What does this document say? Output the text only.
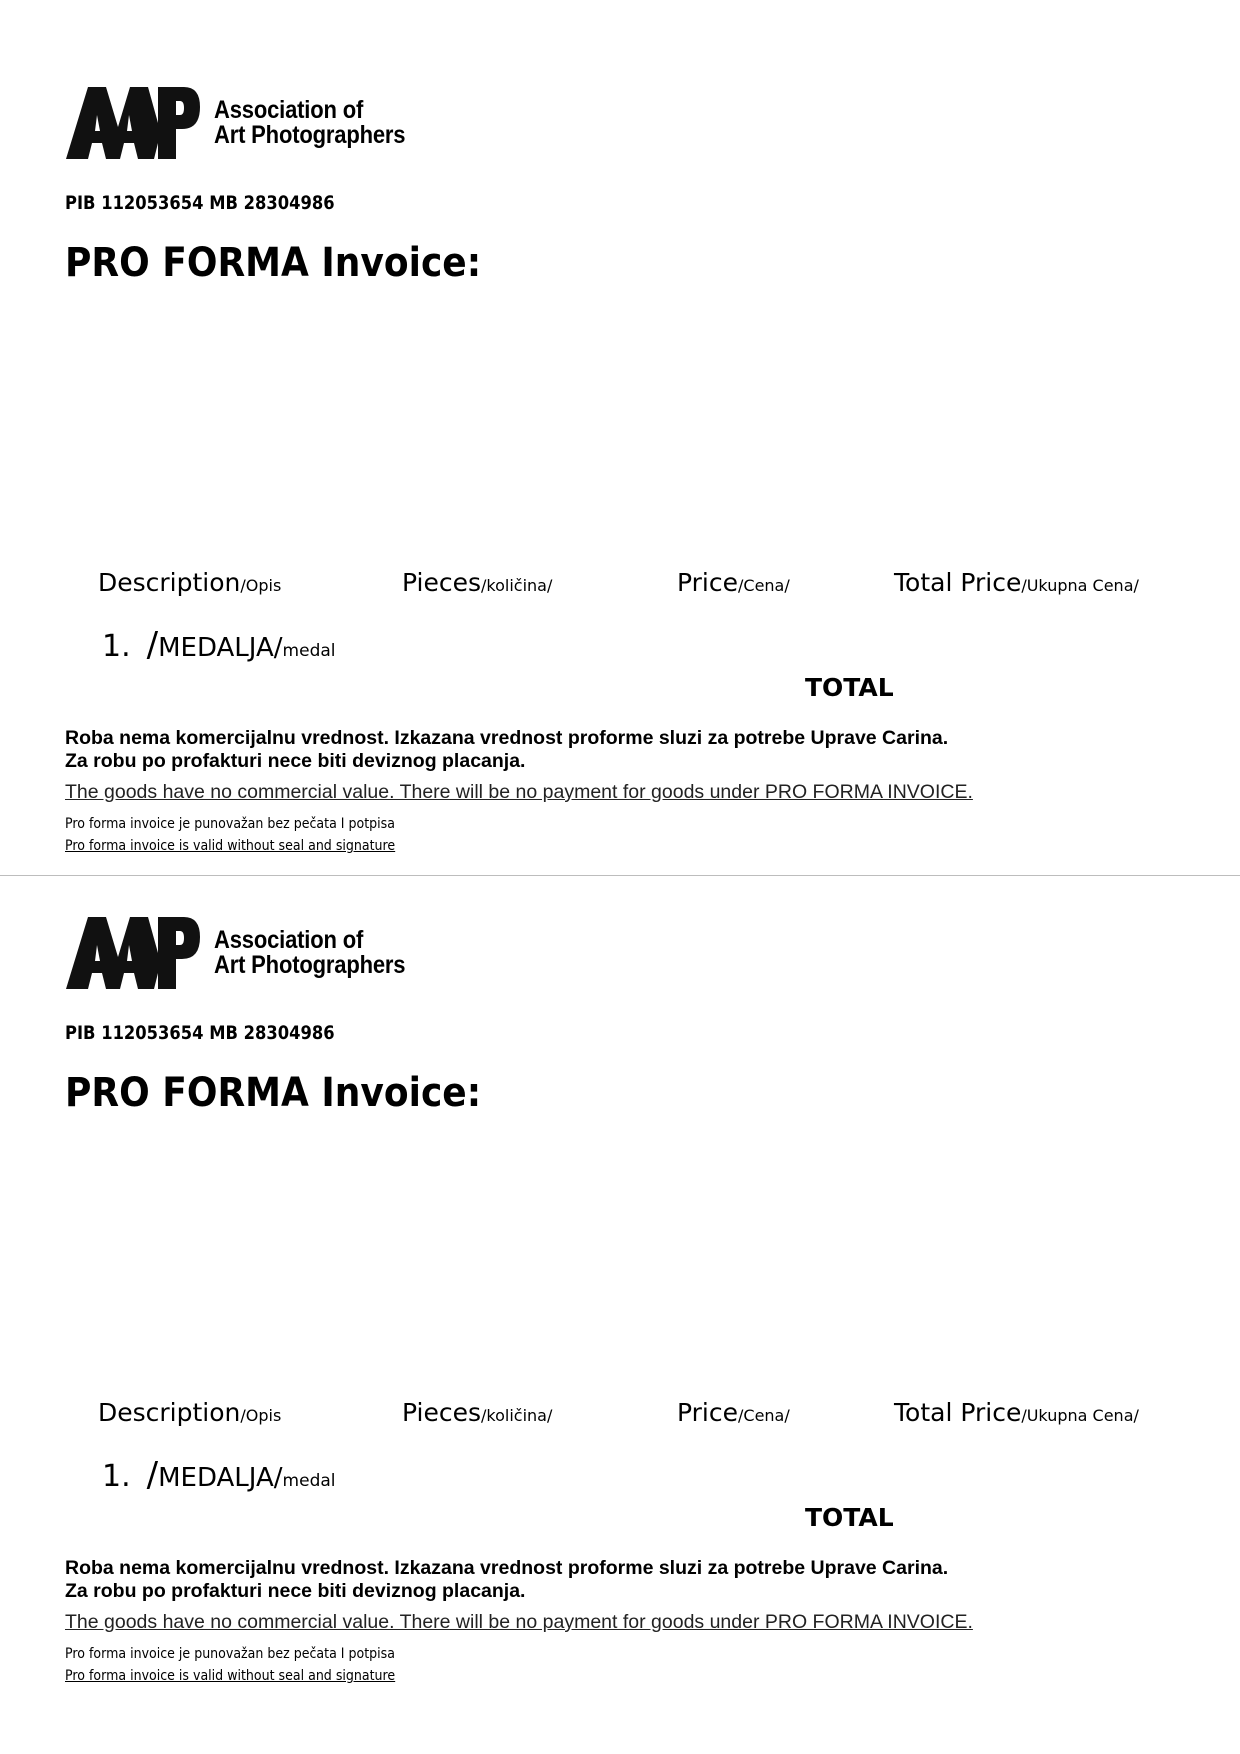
Association of
Art Photographers
PIB 112053654 MB 28304986
PRO FORMA Invoice:
Description/Opis	Pieces/količina/	Price/Cena/	Total Price/Ukupna Cena/
1. /MEDALJA/medal
TOTAL
Roba nema komercijalnu vrednost. Izkazana vrednost proforme sluzi za potrebe Uprave Carina.
Za robu po profakturi nece biti deviznog placanja.
The goods have no commercial value. There will be no payment for goods under PRO FORMA INVOICE.
Pro forma invoice je punovažan bez pečata I potpisa
Pro forma invoice is valid without seal and signature
Association of
Art Photographers
PIB 112053654 MB 28304986
PRO FORMA Invoice:
Description/Opis	Pieces/količina/	Price/Cena/	Total Price/Ukupna Cena/
1. /MEDALJA/medal
TOTAL
Roba nema komercijalnu vrednost. Izkazana vrednost proforme sluzi za potrebe Uprave Carina.
Za robu po profakturi nece biti deviznog placanja.
The goods have no commercial value. There will be no payment for goods under PRO FORMA INVOICE.
Pro forma invoice je punovažan bez pečata I potpisa
Pro forma invoice is valid without seal and signature
